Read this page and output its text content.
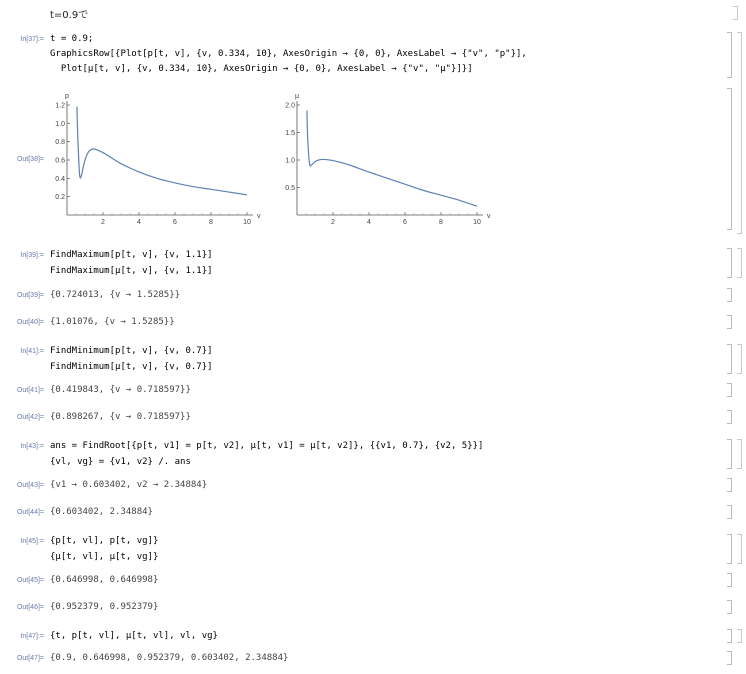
t=0.9で
In[37]:= t = 0.9;
GraphicsRow[{Plot[p[t, v], {v, 0.334, 10}, AxesOrigin → {0, 0}, AxesLabel → {"v", "p"}],
Plot[μ[t, v], {v, 0.334, 10}, AxesOrigin → {0, 0}, AxesLabel → {"v", "μ"}]}]
Out[38]=
2	4	6	8	10
0.2
0.4
0.6
0.8
1.0
1.2
v
p
2	4	6	8	10
0.5
1.0
1.5
2.0
v
μ
In[39]:= FindMaximum[p[t, v], {v, 1.1}]
FindMaximum[μ[t, v], {v, 1.1}]
Out[39]= {0.724013, {v → 1.5285}}
Out[40]= {1.01076, {v → 1.5285}}
In[41]:= FindMinimum[p[t, v], {v, 0.7}]
FindMinimum[μ[t, v], {v, 0.7}]
Out[41]= {0.419843, {v → 0.718597}}
Out[42]= {0.898267, {v → 0.718597}}
In[43]:= ans = FindRoot[{p[t, v1] = p[t, v2], μ[t, v1] = μ[t, v2]}, {{v1, 0.7}, {v2, 5}}]
{vl, vg} = {v1, v2} /. ans
Out[43]= {v1 → 0.603402, v2 → 2.34884}
Out[44]= {0.603402, 2.34884}
In[45]:= {p[t, vl], p[t, vg]}
{μ[t, vl], μ[t, vg]}
Out[45]= {0.646998, 0.646998}
Out[46]= {0.952379, 0.952379}
In[47]:= {t, p[t, vl], μ[t, vl], vl, vg}
Out[47]= {0.9, 0.646998, 0.952379, 0.603402, 2.34884}
